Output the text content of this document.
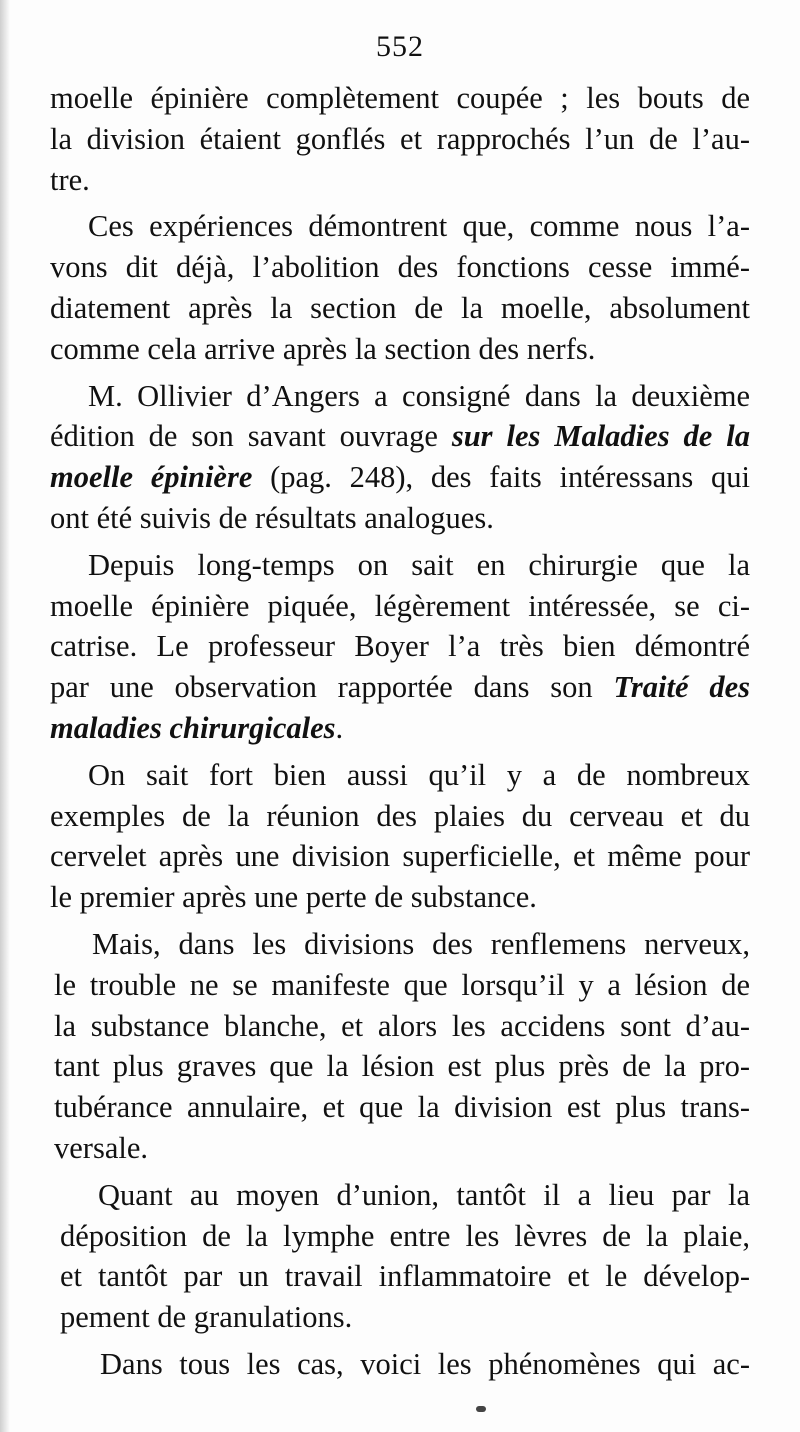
552

moelle épinière complètement coupée ; les bouts de
la division étaient gonflés et rapprochés l’un de l’au-
tre.

Ces expériences démontrent que, comme nous l’a-
vons dit déjà, l’abolition des fonctions cesse immé-
diatement après la section de la moelle, absolument
comme cela arrive après la section des nerfs.

M. Ollivier d’Angers a consigné dans la deuxième
édition de son savant ouvrage sur les Maladies de la
moelle épinière (pag. 248), des faits intéressans qui
ont été suivis de résultats analogues.

Depuis long-temps on sait en chirurgie que la
moelle épinière piquée, légèrement intéressée, se ci-
catrise. Le professeur Boyer l’a très bien démontré
par une observation rapportée dans son Traité des
maladies chirurgicales.

On sait fort bien aussi qu’il y a de nombreux
exemples de la réunion des plaies du cerveau et du
cervelet après une division superficielle, et même pour
le premier après une perte de substance.

Mais, dans les divisions des renflemens nerveux,
le trouble ne se manifeste que lorsqu’il y a lésion de
la substance blanche, et alors les accidens sont d’au-
tant plus graves que la lésion est plus près de la pro-
tubérance annulaire, et que la division est plus trans-
versale.

Quant au moyen d’union, tantôt il a lieu par la
déposition de la lymphe entre les lèvres de la plaie,
et tantôt par un travail inflammatoire et le dévelop-
pement de granulations.

Dans tous les cas, voici les phénomènes qui ac-
